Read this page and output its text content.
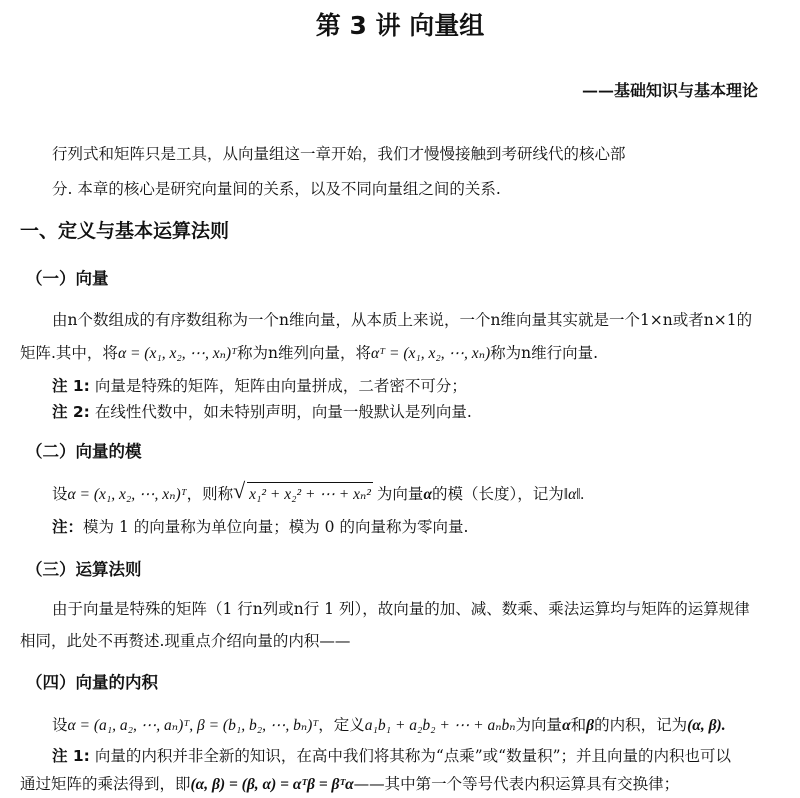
第 3 讲 向量组
——基础知识与基本理论
行列式和矩阵只是工具，从向量组这一章开始，我们才慢慢接触到考研线代的核心部
分. 本章的核心是研究向量间的关系，以及不同向量组之间的关系.
一、定义与基本运算法则
（一）向量
由n个数组成的有序数组称为一个n维向量，从本质上来说，一个n维向量其实就是一个1×n或者n×1的
矩阵.其中，将α = (x₁, x₂, ⋯, xₙ)ᵀ称为n维列向量，将αᵀ = (x₁, x₂, ⋯, xₙ)称为n维行向量.
注 1: 向量是特殊的矩阵，矩阵由向量拼成，二者密不可分；
注 2: 在线性代数中，如未特别声明，向量一般默认是列向量.
（二）向量的模
设α = (x₁, x₂, ⋯, xₙ)ᵀ，则称√ x₁² + x₂² + ⋯ + xₙ² 为向量α的模（长度），记为‖α‖.
注：模为 1 的向量称为单位向量；模为 0 的向量称为零向量.
（三）运算法则
由于向量是特殊的矩阵（1 行n列或n行 1 列），故向量的加、减、数乘、乘法运算均与矩阵的运算规律
相同，此处不再赘述.现重点介绍向量的内积——
（四）向量的内积
设α = (a₁, a₂, ⋯, aₙ)ᵀ, β = (b₁, b₂, ⋯, bₙ)ᵀ，定义a₁b₁ + a₂b₂ + ⋯ + aₙbₙ为向量α和β的内积，记为(α, β).
注 1: 向量的内积并非全新的知识，在高中我们将其称为“点乘”或“数量积”；并且向量的内积也可以
通过矩阵的乘法得到，即(α, β) = (β, α) = αᵀβ = βᵀα——其中第一个等号代表内积运算具有交换律；
